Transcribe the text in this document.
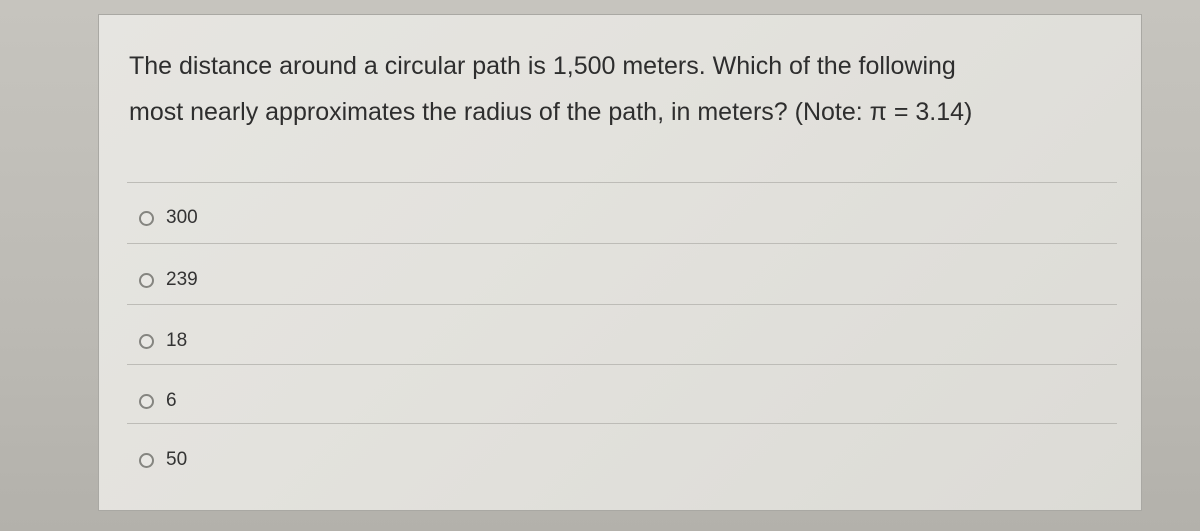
The distance around a circular path is 1,500 meters. Which of the following
most nearly approximates the radius of the path, in meters? (Note: π = 3.14)
300
239
18
6
50
